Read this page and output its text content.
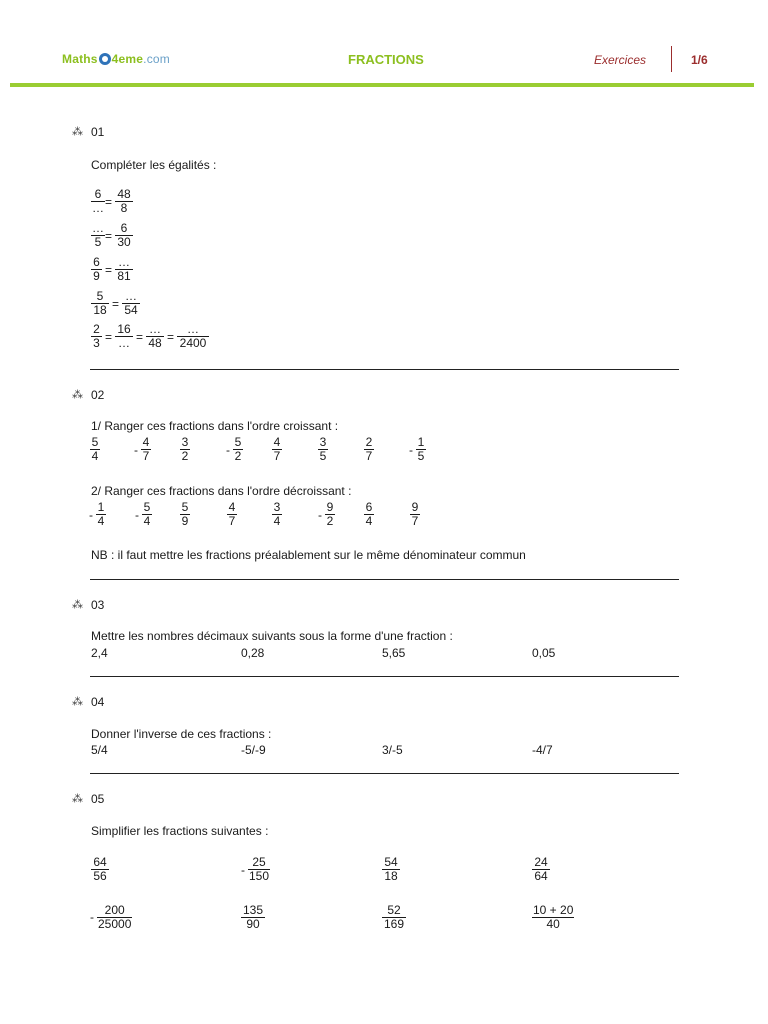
Maths 4eme.com	FRACTIONS	Exercices	1/6
⁂ 01
Compléter les égalités :
6
… = $\frac{48}{8}$
…
$5 = \frac{6}{30}$
$\frac{6}{9}$ =
…
81
$\frac{5}{18}$ =
…
54
$\frac{2}{3}$ =
16
… =
…
48 =
…
2400
⁂ 02
1/ Ranger ces fractions dans l'ordre croissant :
$\frac{5}{4}$	- $\frac{4}{7} \frac{3}{2}$	- $\frac{5}{2} \frac{4}{7}$	$\frac{3}{5}$	$\frac{2}{7}$	- $\frac{1}{5}$
2/ Ranger ces fractions dans l'ordre décroissant :
- $\frac{1}{4} - \frac{5}{4} \frac{5}{9}$	$\frac{4}{7}$	$\frac{3}{4}$	- $\frac{9}{2} \frac{6}{4}$	$\frac{9}{7}$
NB : il faut mettre les fractions préalablement sur le même dénominateur commun
⁂ 03
Mettre les nombres décimaux suivants sous la forme d'une fraction :
2,4	0,28	5,65	0,05
⁂ 04
Donner l'inverse de ces fractions :
5/4	-5/-9	3/-5	-4/7
⁂ 05
Simplifier les fractions suivantes :
$\frac{64}{56}$	- $\frac{25}{150}$	$\frac{54}{18}$	$\frac{24}{64}$
- $\frac{200}{25000}$	$\frac{135}{90}$	$\frac{52}{169}$	$\frac{10 + 20}{40}$
